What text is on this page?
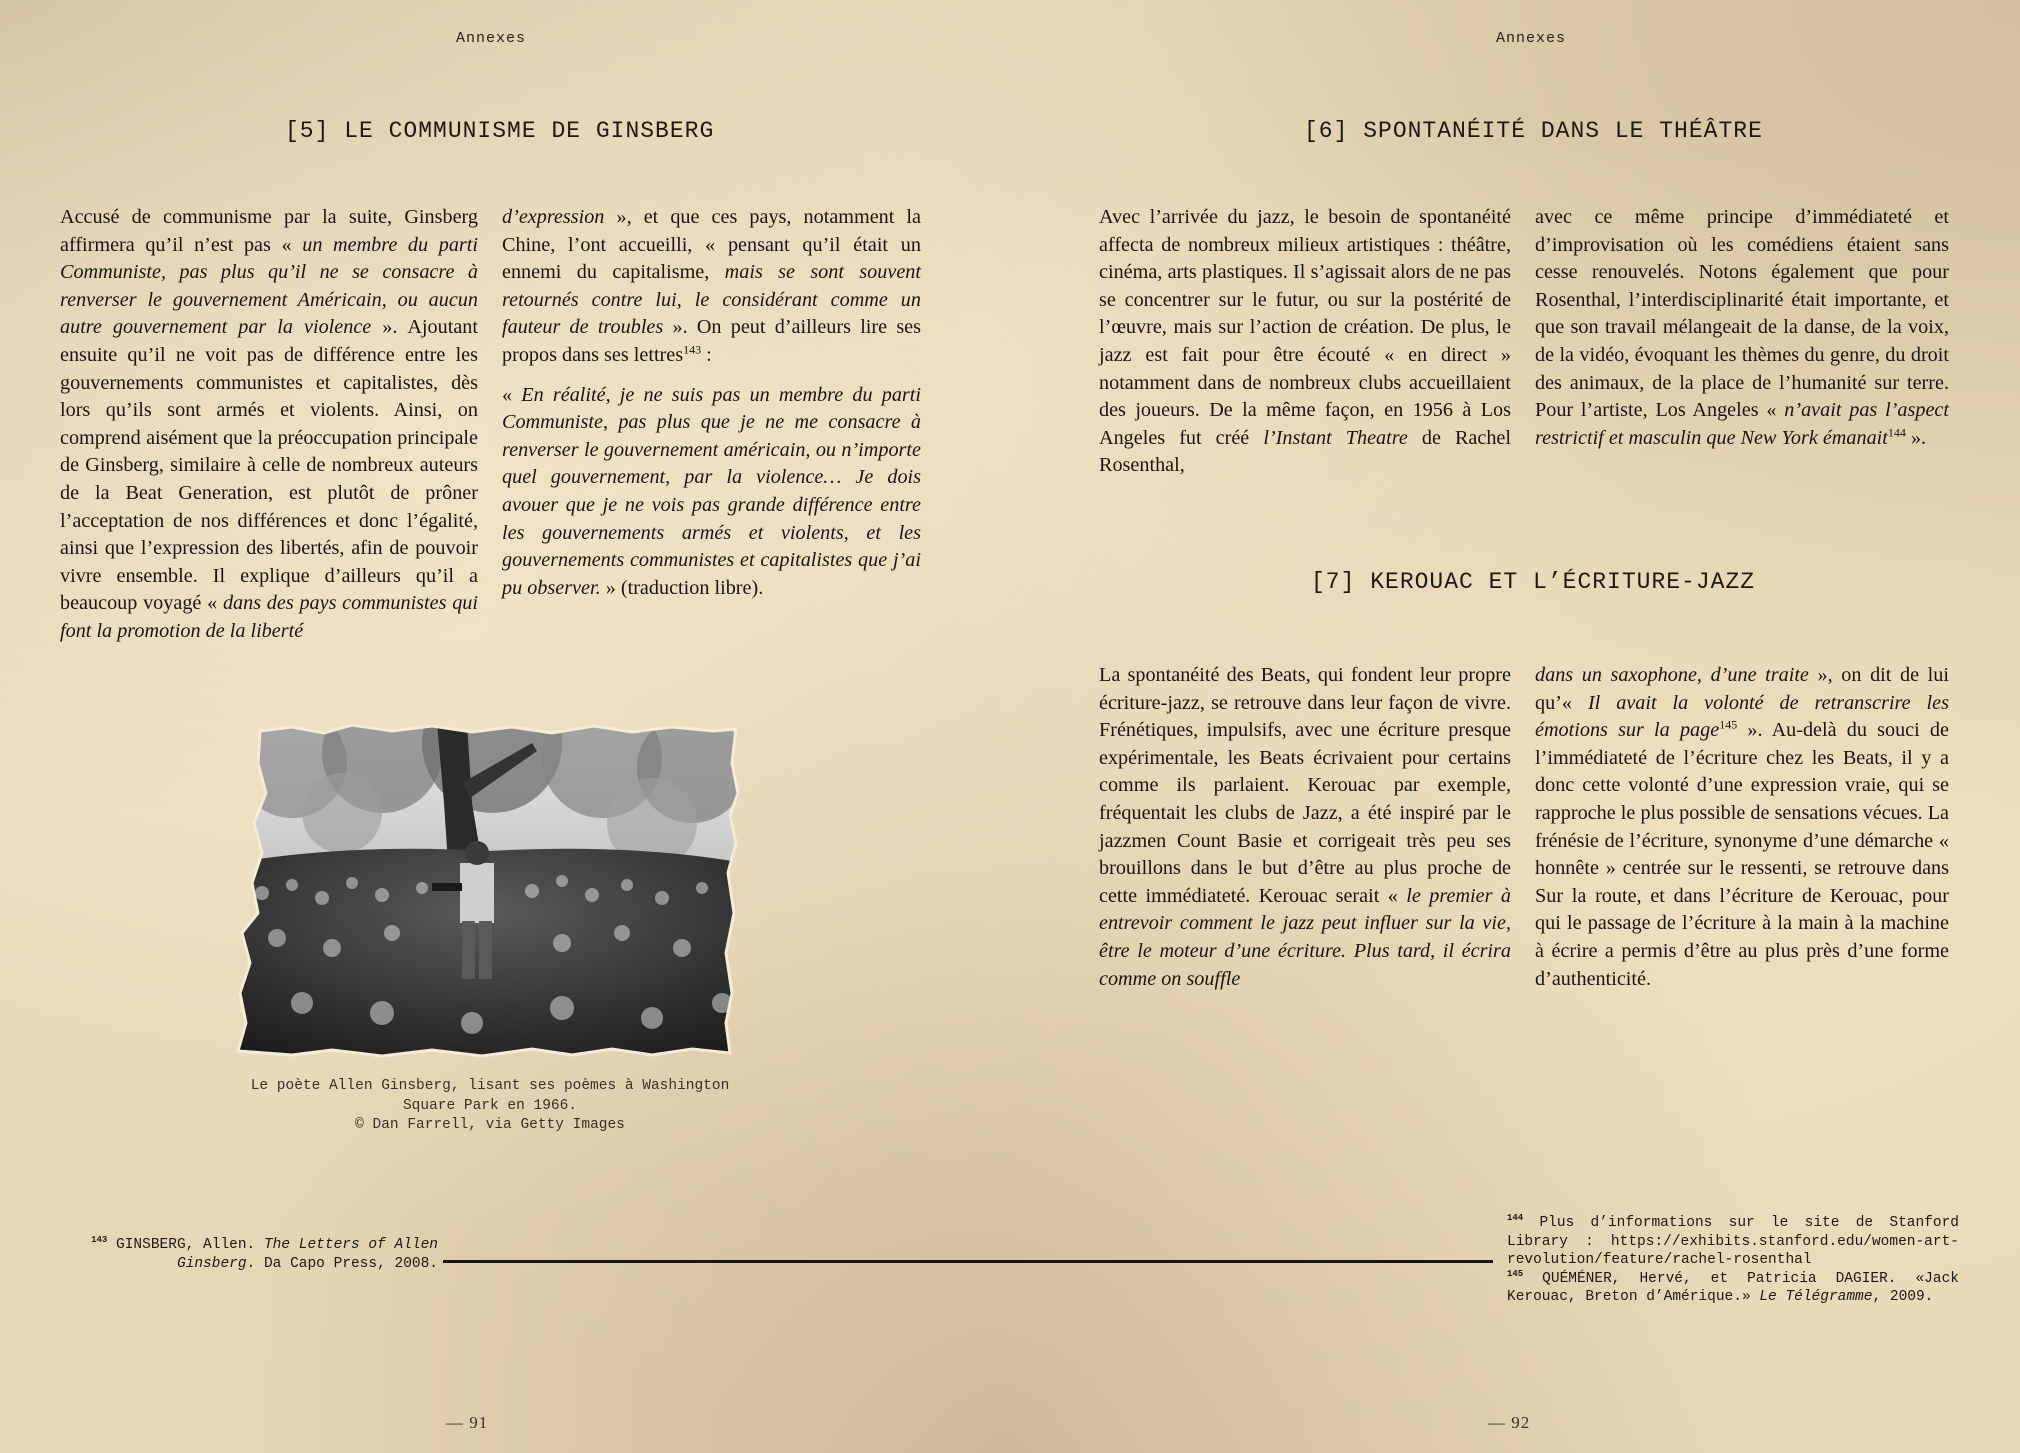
Annexes
[5] LE COMMUNISME DE GINSBERG

Accusé de communisme par la suite, Ginsberg affirmera qu’il n’est pas « un membre du parti Communiste, pas plus qu’il ne se consacre à renverser le gouvernement Américain, ou aucun autre gouvernement par la violence ». Ajoutant ensuite qu’il ne voit pas de différence entre les gouvernements communistes et capitalistes, dès lors qu’ils sont armés et violents. Ainsi, on comprend aisément que la préoccupation principale de Ginsberg, similaire à celle de nombreux auteurs de la Beat Generation, est plutôt de prôner l’acceptation de nos différences et donc l’égalité, ainsi que l’expression des libertés, afin de pouvoir vivre ensemble. Il explique d’ailleurs qu’il a beaucoup voyagé « dans des pays communistes qui font la promotion de la liberté

d’expression », et que ces pays, notamment la Chine, l’ont accueilli, « pensant qu’il était un ennemi du capitalisme, mais se sont souvent retournés contre lui, le considérant comme un fauteur de troubles ». On peut d’ailleurs lire ses propos dans ses lettres$^{143}$ :

« En réalité, je ne suis pas un membre du parti Communiste, pas plus que je ne me consacre à renverser le gouvernement américain, ou n’importe quel gouvernement, par la violence… Je dois avouer que je ne vois pas grande différence entre les gouvernements armés et violents, et les gouvernements communistes et capitalistes que j’ai pu observer. » (traduction libre).

Le poète Allen Ginsberg, lisant ses poèmes à Washington
Square Park en 1966.
© Dan Farrell, via Getty Images
$^{143}$ GINSBERG, Allen. The Letters of Allen Ginsberg. Da Capo Press, 2008.
— 91
Annexes
[6] SPONTANÉITÉ DANS LE THÉÂTRE

Avec l’arrivée du jazz, le besoin de spontanéité affecta de nombreux milieux artistiques : théâtre, cinéma, arts plastiques. Il s’agissait alors de ne pas se concentrer sur le futur, ou sur la postérité de l’œuvre, mais sur l’action de création. De plus, le jazz est fait pour être écouté « en direct » notamment dans de nombreux clubs accueillaient des joueurs. De la même façon, en 1956 à Los Angeles fut créé l’Instant Theatre de Rachel Rosenthal,

avec ce même principe d’immédiateté et d’improvisation où les comédiens étaient sans cesse renouvelés. Notons également que pour Rosenthal, l’interdisciplinarité était importante, et que son travail mélangeait de la danse, de la voix, de la vidéo, évoquant les thèmes du genre, du droit des animaux, de la place de l’humanité sur terre. Pour l’artiste, Los Angeles « n’avait pas l’aspect restrictif et masculin que New York émanait$^{144}$ ».

[7] KEROUAC ET L’ÉCRITURE-JAZZ

La spontanéité des Beats, qui fondent leur propre écriture-jazz, se retrouve dans leur façon de vivre. Frénétiques, impulsifs, avec une écriture presque expérimentale, les Beats écrivaient pour certains comme ils parlaient. Kerouac par exemple, fréquentait les clubs de Jazz, a été inspiré par le jazzmen Count Basie et corrigeait très peu ses brouillons dans le but d’être au plus proche de cette immédiateté. Kerouac serait « le premier à entrevoir comment le jazz peut influer sur la vie, être le moteur d’une écriture. Plus tard, il écrira comme on souffle

dans un saxophone, d’une traite », on dit de lui qu’« Il avait la volonté de retranscrire les émotions sur la page$^{145}$ ». Au-delà du souci de l’immédiateté de l’écriture chez les Beats, il y a donc cette volonté d’une expression vraie, qui se rapproche le plus possible de sensations vécues. La frénésie de l’écriture, synonyme d’une démarche « honnête » centrée sur le ressenti, se retrouve dans Sur la route, et dans l’écriture de Kerouac, pour qui le passage de l’écriture à la main à la machine à écrire a permis d’être au plus près d’une forme d’authenticité.

$^{144}$ Plus d’informations sur le site de Stanford Library : https://exhibits.stanford.edu/women-art-revolution/feature/rachel-rosenthal
$^{145}$ QUÉMÉNER, Hervé, et Patricia DAGIER. «Jack Kerouac, Breton d’Amérique.» Le Télégramme, 2009.
— 92
